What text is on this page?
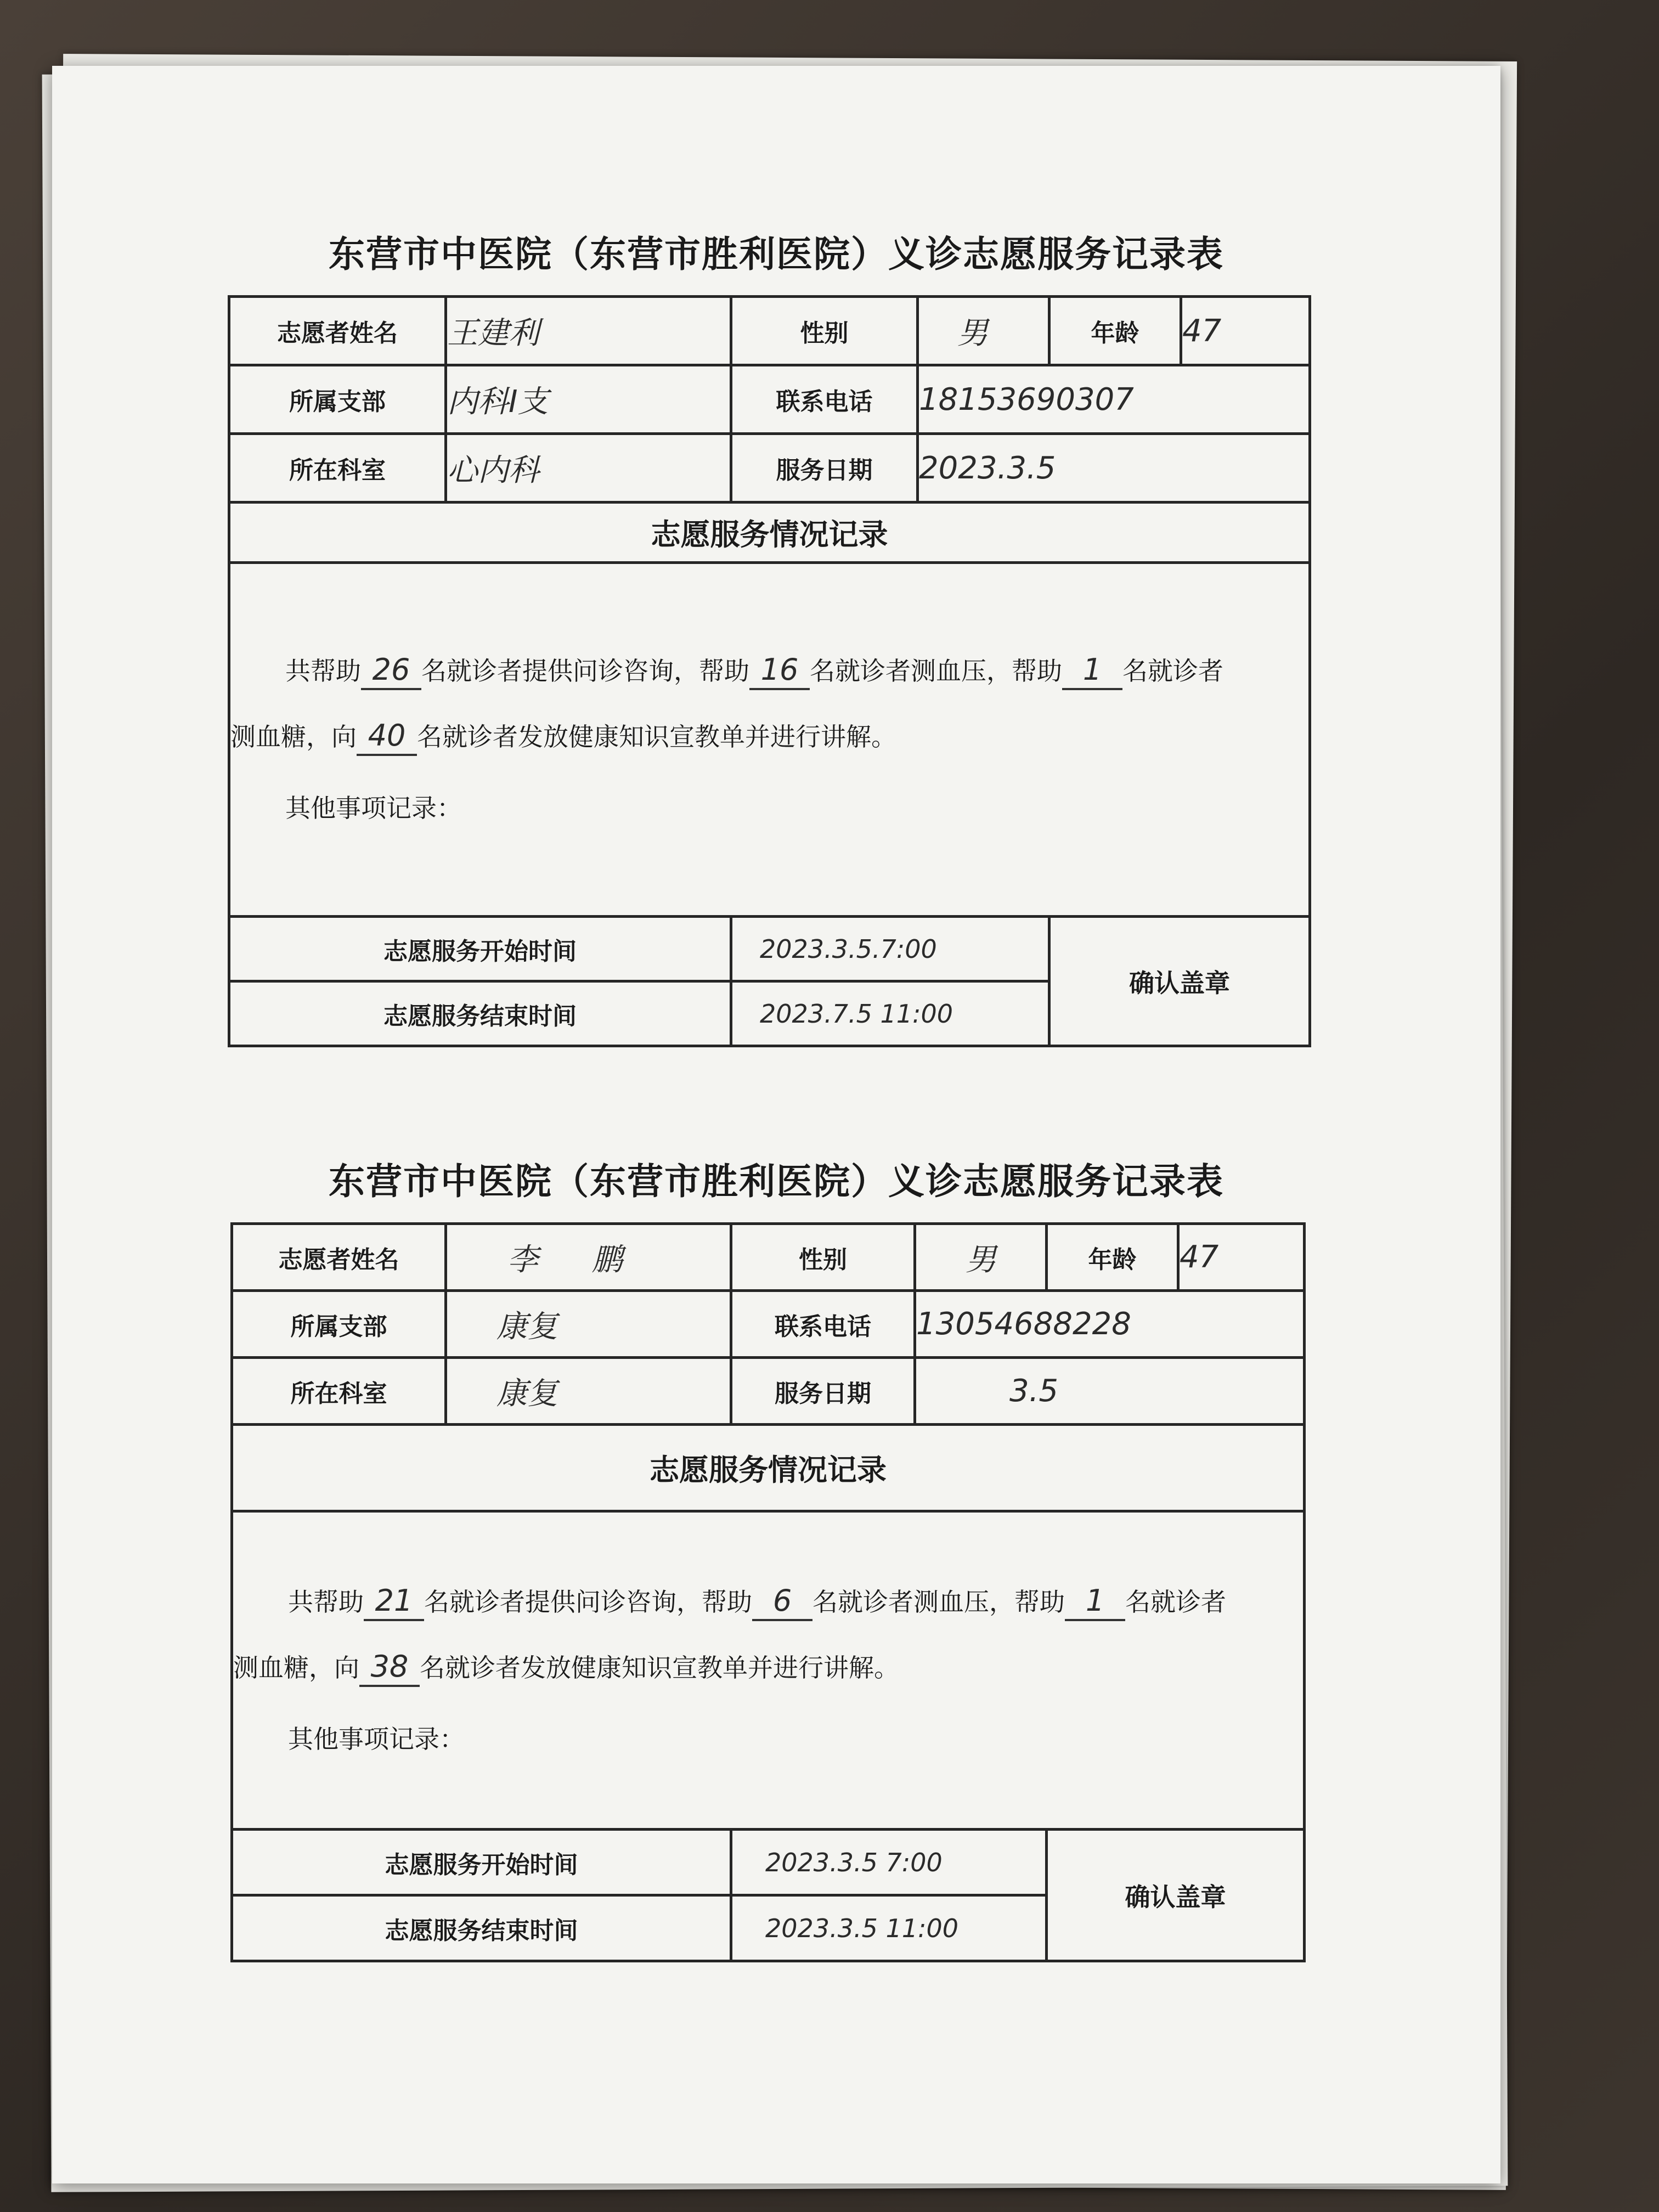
东营市中医院（东营市胜利医院）义诊志愿服务记录表
志愿者姓名	王建利	性别	男	年龄	47
所属支部	内科Ⅰ支	联系电话	18153690307		
所在科室	心内科	服务日期	2023.3.5		
志愿服务情况记录					

共帮助 26 名就诊者提供问诊咨询，帮助 16 名就诊者测血压，帮助 1 名就诊者
测血糖，向 40 名就诊者发放健康知识宣教单并进行讲解。
其他事项记录：					

志愿服务开始时间		2023.3.5.7:00		确认盖章	
志愿服务结束时间		2023.7.5 11:00			
东营市中医院（东营市胜利医院）义诊志愿服务记录表
志愿者姓名	李 鹏	性别	男	年龄	47
所属支部	康复	联系电话	13054688228		
所在科室	康复	服务日期	3.5		
志愿服务情况记录					

共帮助 21 名就诊者提供问诊咨询，帮助 6 名就诊者测血压，帮助 1 名就诊者
测血糖，向 38 名就诊者发放健康知识宣教单并进行讲解。
其他事项记录：					

志愿服务开始时间		2023.3.5 7:00		确认盖章	
志愿服务结束时间		2023.3.5 11:00			
